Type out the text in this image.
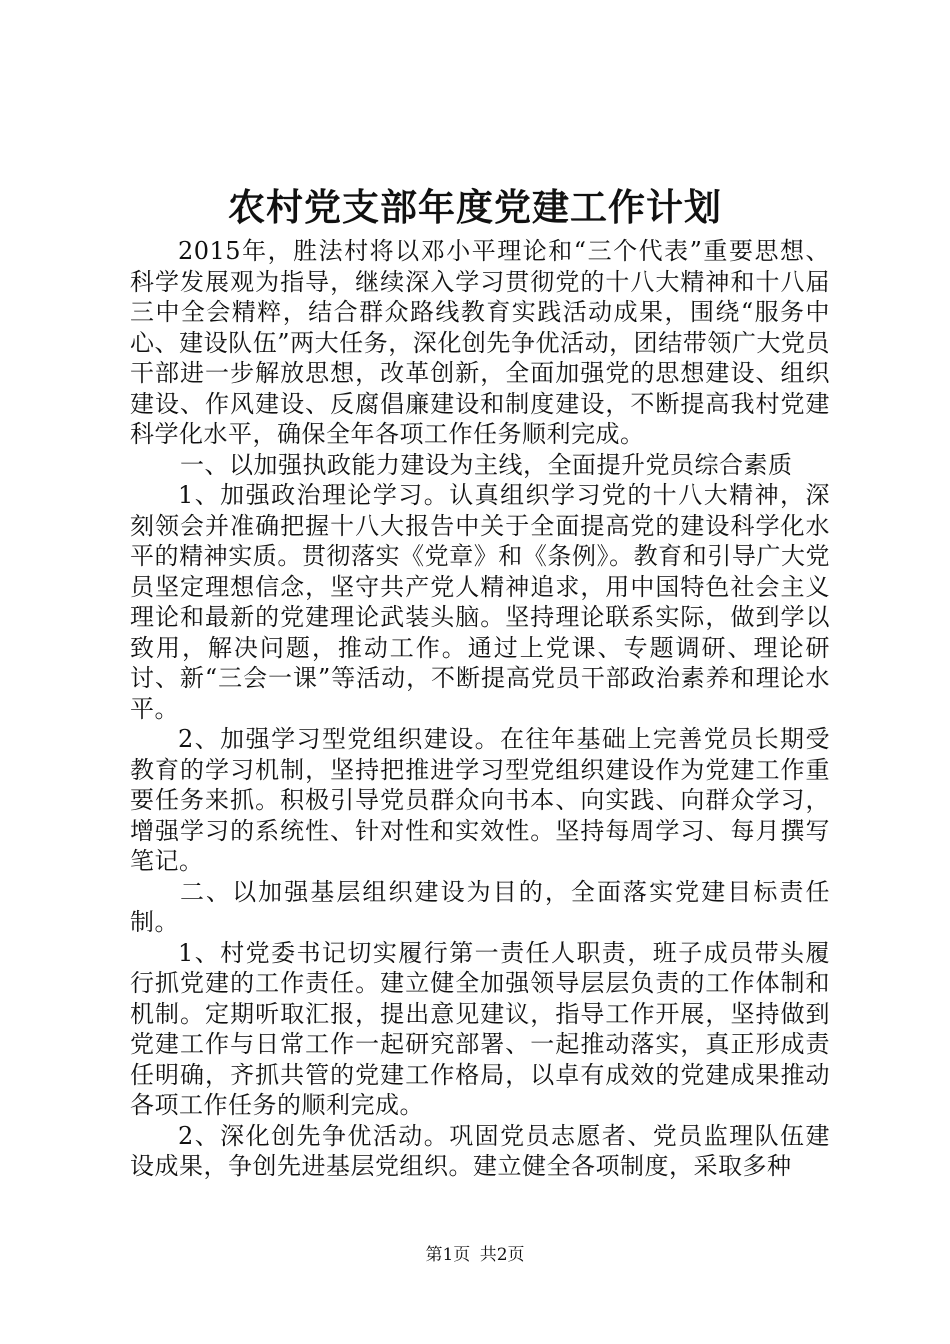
农村党支部年度党建工作计划

2015年，胜法村将以邓小平理论和“三个代表”重要思想、科学发展观为指导，继续深入学习贯彻党的十八大精神和十八届三中全会精粹，结合群众路线教育实践活动成果，围绕“服务中心、建设队伍”两大任务，深化创先争优活动，团结带领广大党员干部进一步解放思想，改革创新，全面加强党的思想建设、组织建设、作风建设、反腐倡廉建设和制度建设，不断提高我村党建科学化水平，确保全年各项工作任务顺利完成。

一、以加强执政能力建设为主线，全面提升党员综合素质

1、加强政治理论学习。认真组织学习党的十八大精神，深刻领会并准确把握十八大报告中关于全面提高党的建设科学化水平的精神实质。贯彻落实《党章》和《条例》。教育和引导广大党员坚定理想信念，坚守共产党人精神追求，用中国特色社会主义理论和最新的党建理论武装头脑。坚持理论联系实际，做到学以致用，解决问题，推动工作。通过上党课、专题调研、理论研讨、新“三会一课”等活动，不断提高党员干部政治素养和理论水平。

2、加强学习型党组织建设。在往年基础上完善党员长期受教育的学习机制，坚持把推进学习型党组织建设作为党建工作重要任务来抓。积极引导党员群众向书本、向实践、向群众学习，增强学习的系统性、针对性和实效性。坚持每周学习、每月撰写笔记。

二、以加强基层组织建设为目的，全面落实党建目标责任制。

1、村党委书记切实履行第一责任人职责，班子成员带头履行抓党建的工作责任。建立健全加强领导层层负责的工作体制和机制。定期听取汇报，提出意见建议，指导工作开展，坚持做到党建工作与日常工作一起研究部署、一起推动落实，真正形成责任明确，齐抓共管的党建工作格局，以卓有成效的党建成果推动各项工作任务的顺利完成。

2、深化创先争优活动。巩固党员志愿者、党员监理队伍建设成果，争创先进基层党组织。建立健全各项制度，采取多种

第1页 共2页
